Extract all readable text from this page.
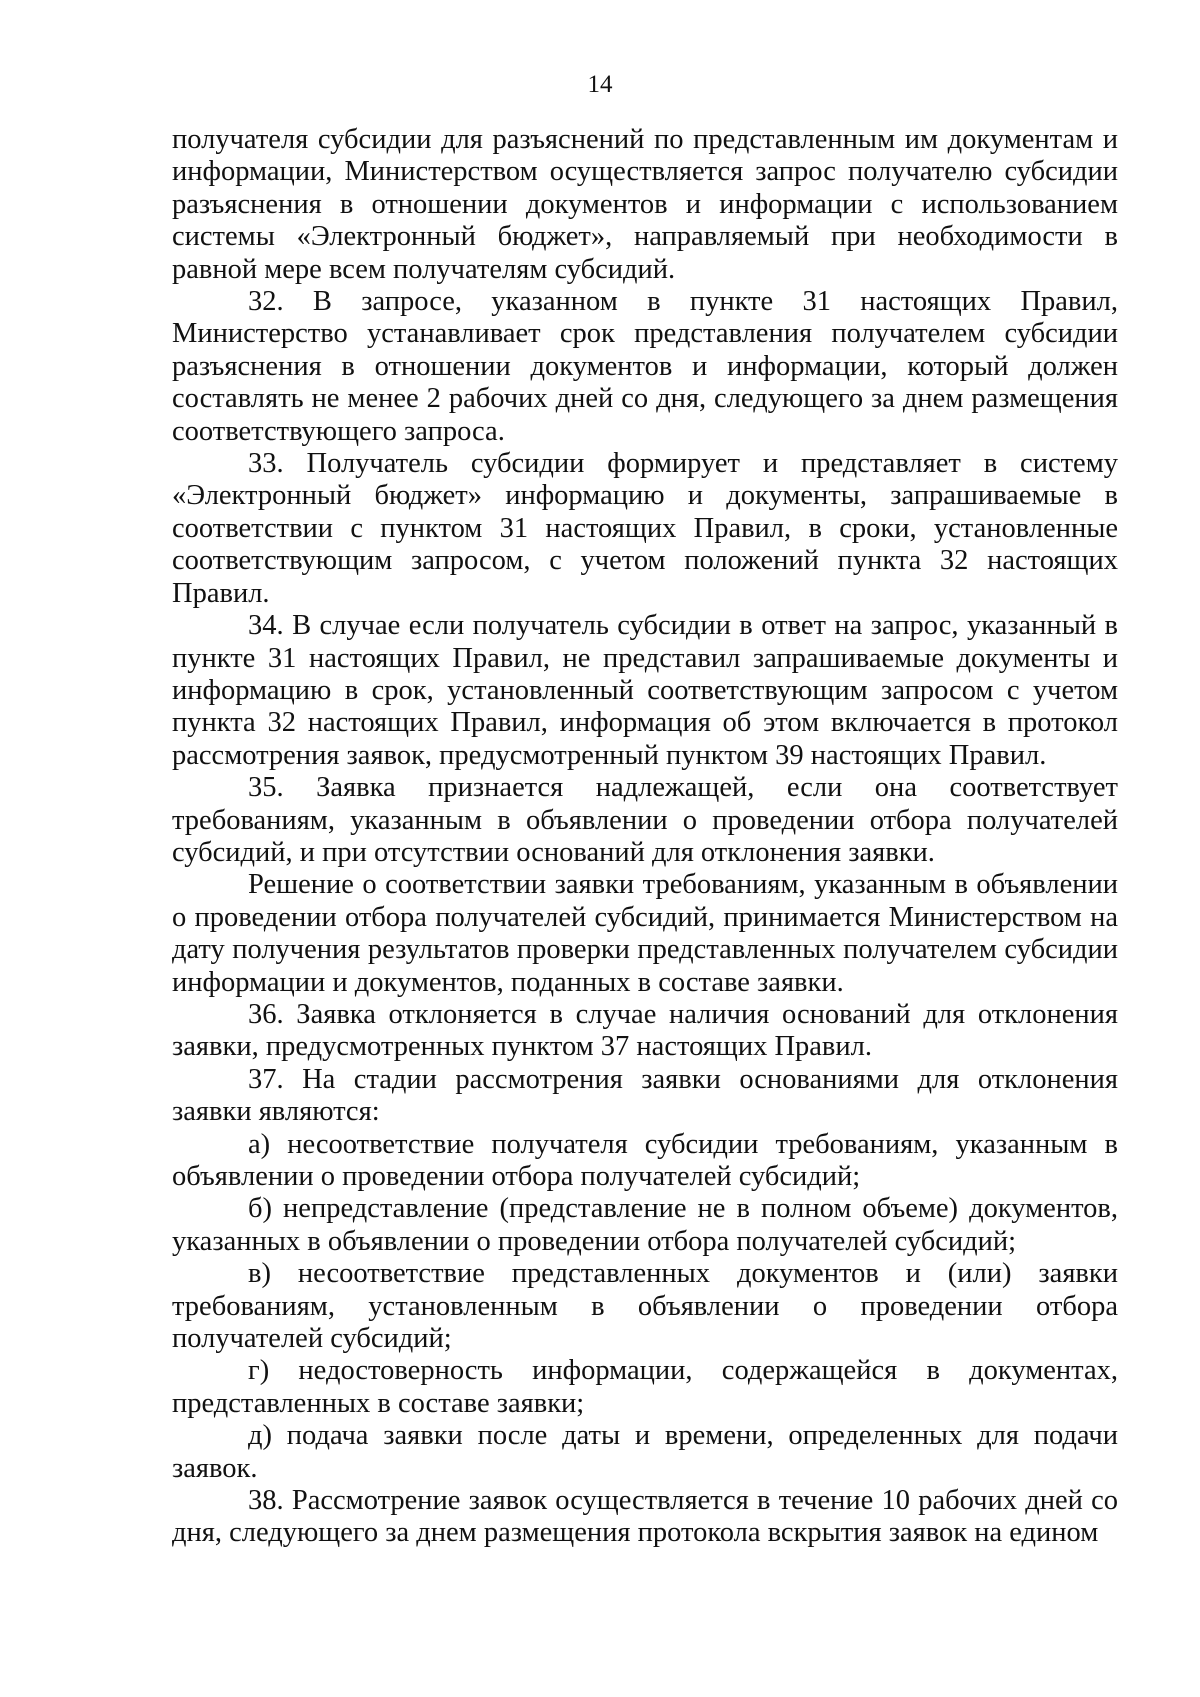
14

получателя субсидии для разъяснений по представленным им документам и информации, Министерством осуществляется запрос получателю субсидии разъяснения в отношении документов и информации с использованием системы «Электронный бюджет», направляемый при необходимости в равной мере всем получателям субсидий.

32. В запросе, указанном в пункте 31 настоящих Правил, Министерство устанавливает срок представления получателем субсидии разъяснения в отношении документов и информации, который должен составлять не менее 2 рабочих дней со дня, следующего за днем размещения соответствующего запроса.

33. Получатель субсидии формирует и представляет в систему «Электронный бюджет» информацию и документы, запрашиваемые в соответствии с пунктом 31 настоящих Правил, в сроки, установленные соответствующим запросом, с учетом положений пункта 32 настоящих Правил.

34. В случае если получатель субсидии в ответ на запрос, указанный в пункте 31 настоящих Правил, не представил запрашиваемые документы и информацию в срок, установленный соответствующим запросом с учетом пункта 32 настоящих Правил, информация об этом включается в протокол рассмотрения заявок, предусмотренный пунктом 39 настоящих Правил.

35. Заявка признается надлежащей, если она соответствует требованиям, указанным в объявлении о проведении отбора получателей субсидий, и при отсутствии оснований для отклонения заявки.

Решение о соответствии заявки требованиям, указанным в объявлении о проведении отбора получателей субсидий, принимается Министерством на дату получения результатов проверки представленных получателем субсидии информации и документов, поданных в составе заявки.

36. Заявка отклоняется в случае наличия оснований для отклонения заявки, предусмотренных пунктом 37 настоящих Правил.

37. На стадии рассмотрения заявки основаниями для отклонения заявки являются:

а) несоответствие получателя субсидии требованиям, указанным в объявлении о проведении отбора получателей субсидий;

б) непредставление (представление не в полном объеме) документов, указанных в объявлении о проведении отбора получателей субсидий;

в) несоответствие представленных документов и (или) заявки требованиям, установленным в объявлении о проведении отбора получателей субсидий;

г) недостоверность информации, содержащейся в документах, представленных в составе заявки;

д) подача заявки после даты и времени, определенных для подачи заявок.

38. Рассмотрение заявок осуществляется в течение 10 рабочих дней со дня, следующего за днем размещения протокола вскрытия заявок на едином
